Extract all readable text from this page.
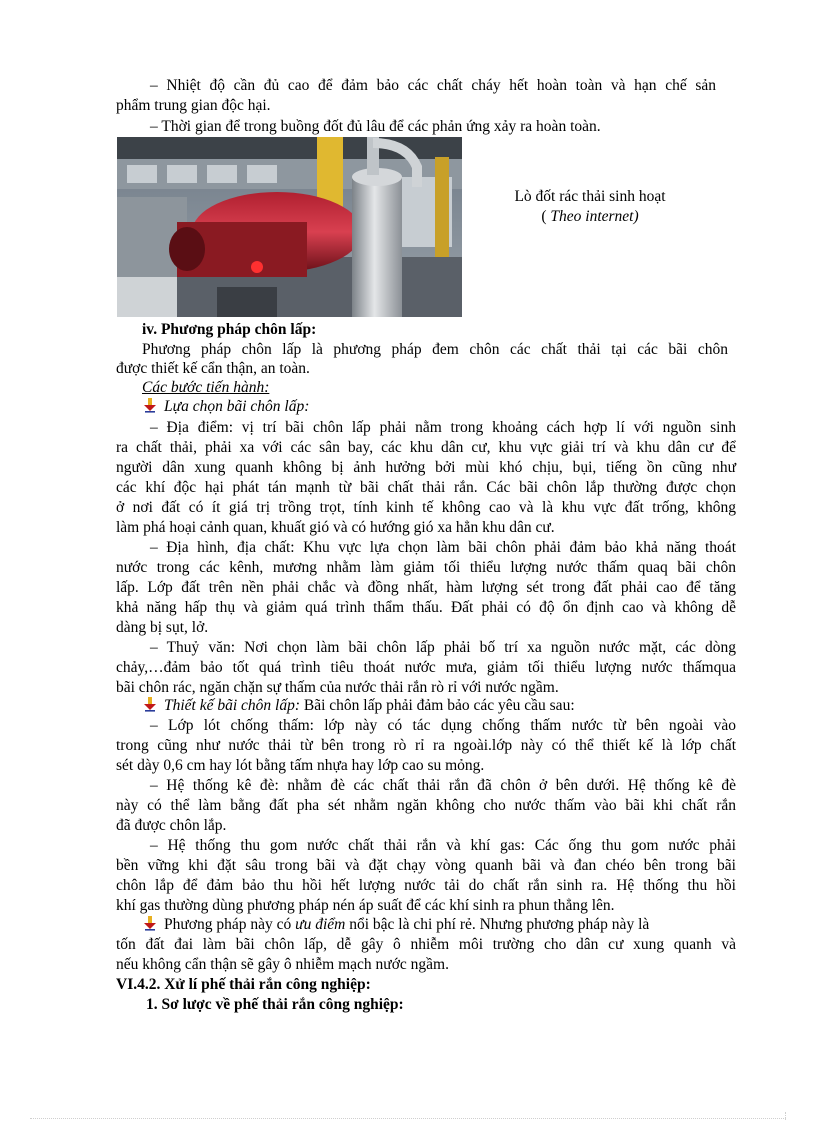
– Nhiệt độ cần đủ cao để đảm bảo các chất cháy hết hoàn toàn và hạn chế sản
phẩm trung gian độc hại.
– Thời gian để trong buồng đốt đủ lâu để các phản ứng xảy ra hoàn toàn.
Lò đốt rác thải sinh hoạt
( Theo internet)
iv. Phương pháp chôn lấp:
Phương pháp chôn lấp là phương pháp đem chôn các chất thải tại các bãi chôn
được thiết kế cẩn thận, an toàn.
Các bước tiến hành:
Lựa chọn bãi chôn lấp:
– Địa điểm: vị trí bãi chôn lấp phải nằm trong khoảng cách hợp lí với nguồn sinh
ra chất thải, phải xa với các sân bay, các khu dân cư, khu vực giải trí và khu dân cư để
người dân xung quanh không bị ảnh hưởng bởi mùi khó chịu, bụi, tiếng ồn cũng như
các khí độc hại phát tán mạnh từ bãi chất thải rắn. Các bãi chôn lắp thường được chọn
ở nơi đất có ít giá trị trồng trọt, tính kinh tế không cao và là khu vực đất trống, không
làm phá hoại cảnh quan, khuất gió và có hướng gió xa hẳn khu dân cư.
– Địa hình, địa chất: Khu vực lựa chọn làm bãi chôn phải đảm bảo khả năng thoát
nước trong các kênh, mương nhằm làm giảm tối thiểu lượng nước thấm quaq bãi chôn
lấp. Lớp đất trên nền phải chắc và đồng nhất, hàm lượng sét trong đất phải cao để tăng
khả năng hấp thụ và giảm quá trình thẩm thấu. Đất phải có độ ổn định cao và không dễ
dàng bị sụt, lở.
– Thuỷ văn: Nơi chọn làm bãi chôn lấp phải bố trí xa nguồn nước mặt, các dòng
chảy,…đảm bảo tốt quá trình tiêu thoát nước mưa, giảm tối thiểu lượng nước thấmqua
bãi chôn rác, ngăn chặn sự thấm của nước thải rắn rò rỉ với nước ngầm.
Thiết kế bãi chôn lấp: Bãi chôn lấp phải đảm bảo các yêu cầu sau:
– Lớp lót chống thấm: lớp này có tác dụng chống thấm nước từ bên ngoài vào
trong cũng như nước thải từ bên trong rò rỉ ra ngoài.lớp này có thể thiết kế là lớp chất
sét dày 0,6 cm hay lót bằng tấm nhựa hay lớp cao su mỏng.
– Hệ thống kê đè: nhằm đè các chất thải rắn đã chôn ở bên dưới. Hệ thống kê đè
này có thể làm bằng đất pha sét nhằm ngăn không cho nước thấm vào bãi khi chất rắn
đã được chôn lắp.
– Hệ thống thu gom nước chất thải rắn và khí gas: Các ống thu gom nước phải
bền vững khi đặt sâu trong bãi và đặt chạy vòng quanh bãi và đan chéo bên trong bãi
chôn lắp để đảm bảo thu hồi hết lượng nước tải do chất rắn sinh ra. Hệ thống thu hồi
khí gas thường dùng phương pháp nén áp suất để các khí sinh ra phun thẳng lên.
Phương pháp này có ưu điểm nổi bậc là chi phí rẻ. Nhưng phương pháp này là
tốn đất đai làm bãi chôn lấp, dễ gây ô nhiễm môi trường cho dân cư xung quanh và
nếu không cẩn thận sẽ gây ô nhiễm mạch nước ngầm.
VI.4.2. Xử lí phế thải rắn công nghiệp:
1. Sơ lược về phế thải rắn công nghiệp:
